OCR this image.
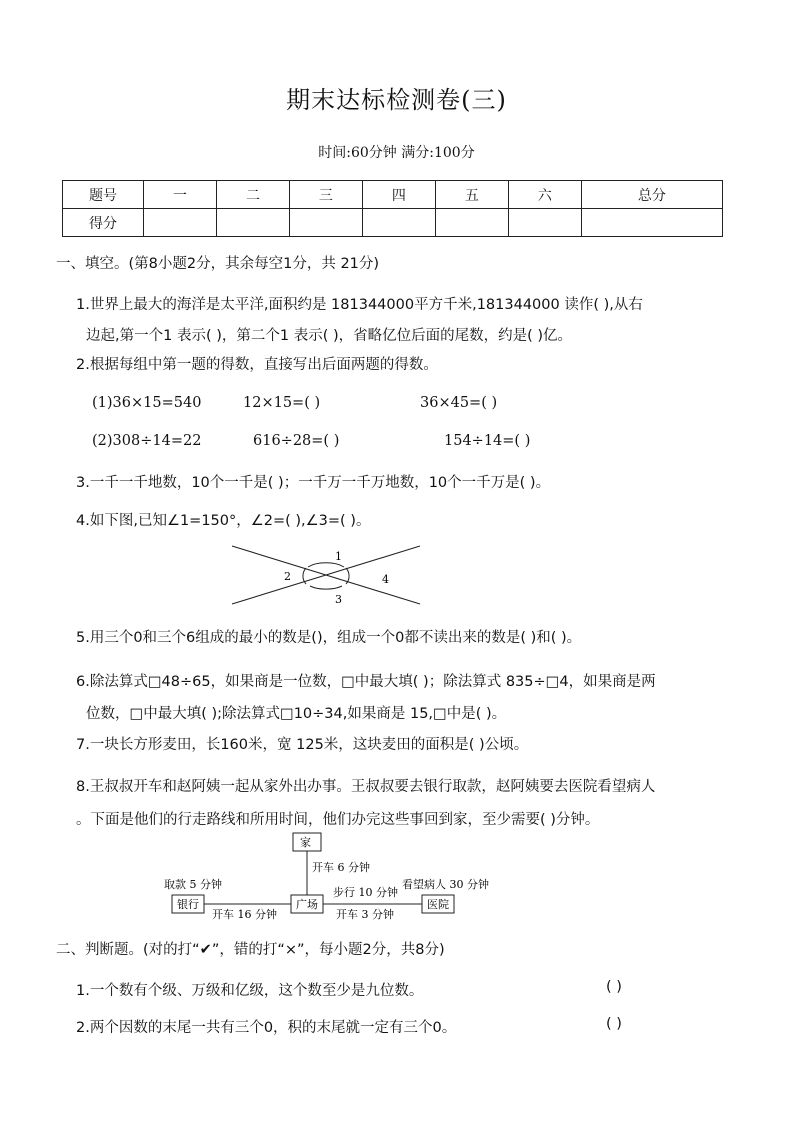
期末达标检测卷(三)
时间:60分钟 满分:100分
题号	一	二	三	四	五	六	总分
得分							
一、填空。(第8小题2分，其余每空1分，共 21分)
1.世界上最大的海洋是太平洋,面积约是 181344000平方千米,181344000 读作( ),从右
边起,第一个1 表示( )，第二个1 表示( )，省略亿位后面的尾数，约是( )亿。
2.根据每组中第一题的得数，直接写出后面两题的得数。
(1)36×15=540	12×15=( )	36×45=( )
(2)308÷14=22	616÷28=( )	154÷14=( )
3.一千一千地数，10个一千是( )；一千万一千万地数，10个一千万是( )。
4.如下图,已知∠1=150°，∠2=( ),∠3=( )。
1
2
3
4
5.用三个0和三个6组成的最小的数是()，组成一个0都不读出来的数是( )和( )。
6.除法算式□48÷65，如果商是一位数，□中最大填( )；除法算式 835÷□4，如果商是两
位数，□中最大填( );除法算式□10÷34,如果商是 15,□中是( )。
7.一块长方形麦田，长160米，宽 125米，这块麦田的面积是( )公顷。
8.王叔叔开车和赵阿姨一起从家外出办事。王叔叔要去银行取款，赵阿姨要去医院看望病人
。下面是他们的行走路线和所用时间，他们办完这些事回到家，至少需要( )分钟。
家
广场
银行	医院
开车 6 分钟
取款 5 分钟
开车 16 分钟
步行 10 分钟
开车 3 分钟
看望病人 30 分钟
二、判断题。(对的打“✔”，错的打“×”，每小题2分，共8分)
1.一个数有个级、万级和亿级，这个数至少是九位数。	( )
2.两个因数的末尾一共有三个0，积的末尾就一定有三个0。	( )
